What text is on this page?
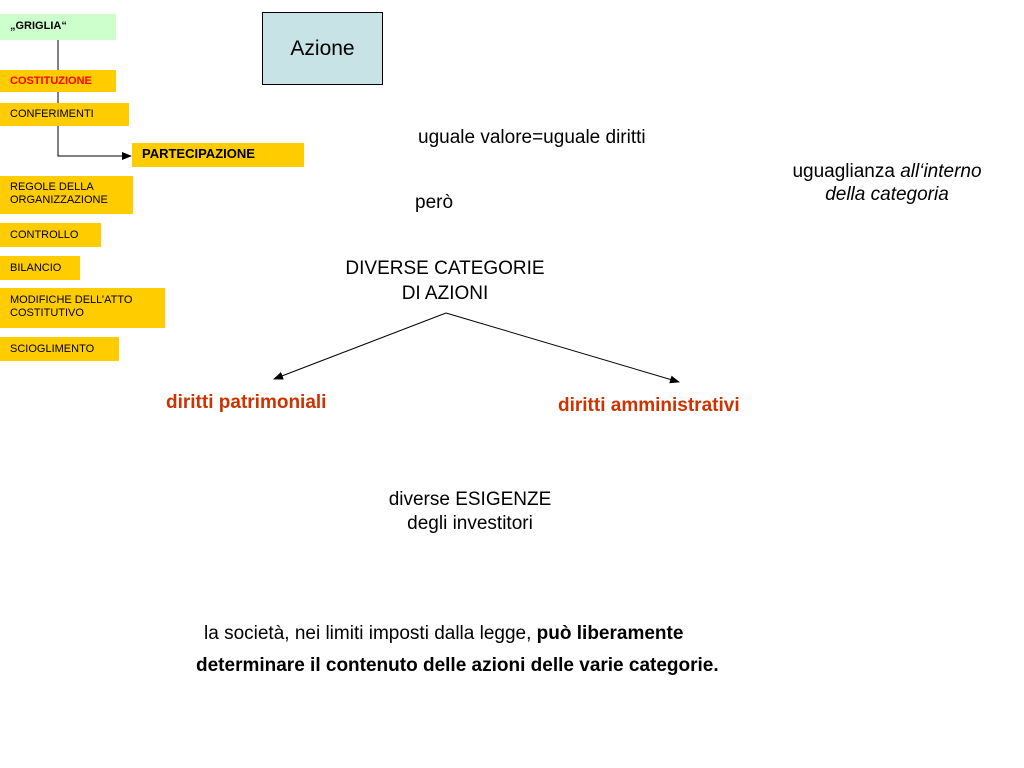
„GRIGLIA“
COSTITUZIONE
CONFERIMENTI
PARTECIPAZIONE
REGOLE DELLA
ORGANIZZAZIONE
CONTROLLO
BILANCIO
MODIFICHE DELL’ATTO
COSTITUTIVO
SCIOGLIMENTO
Azione
uguale valore=uguale diritti
uguaglianza all‘interno
della categoria
però
DIVERSE CATEGORIE
DI AZIONI
diritti patrimoniali	diritti amministrativi
diverse ESIGENZE
degli investitori
la società, nei limiti imposti dalla legge, può liberamente
determinare il contenuto delle azioni delle varie categorie.
